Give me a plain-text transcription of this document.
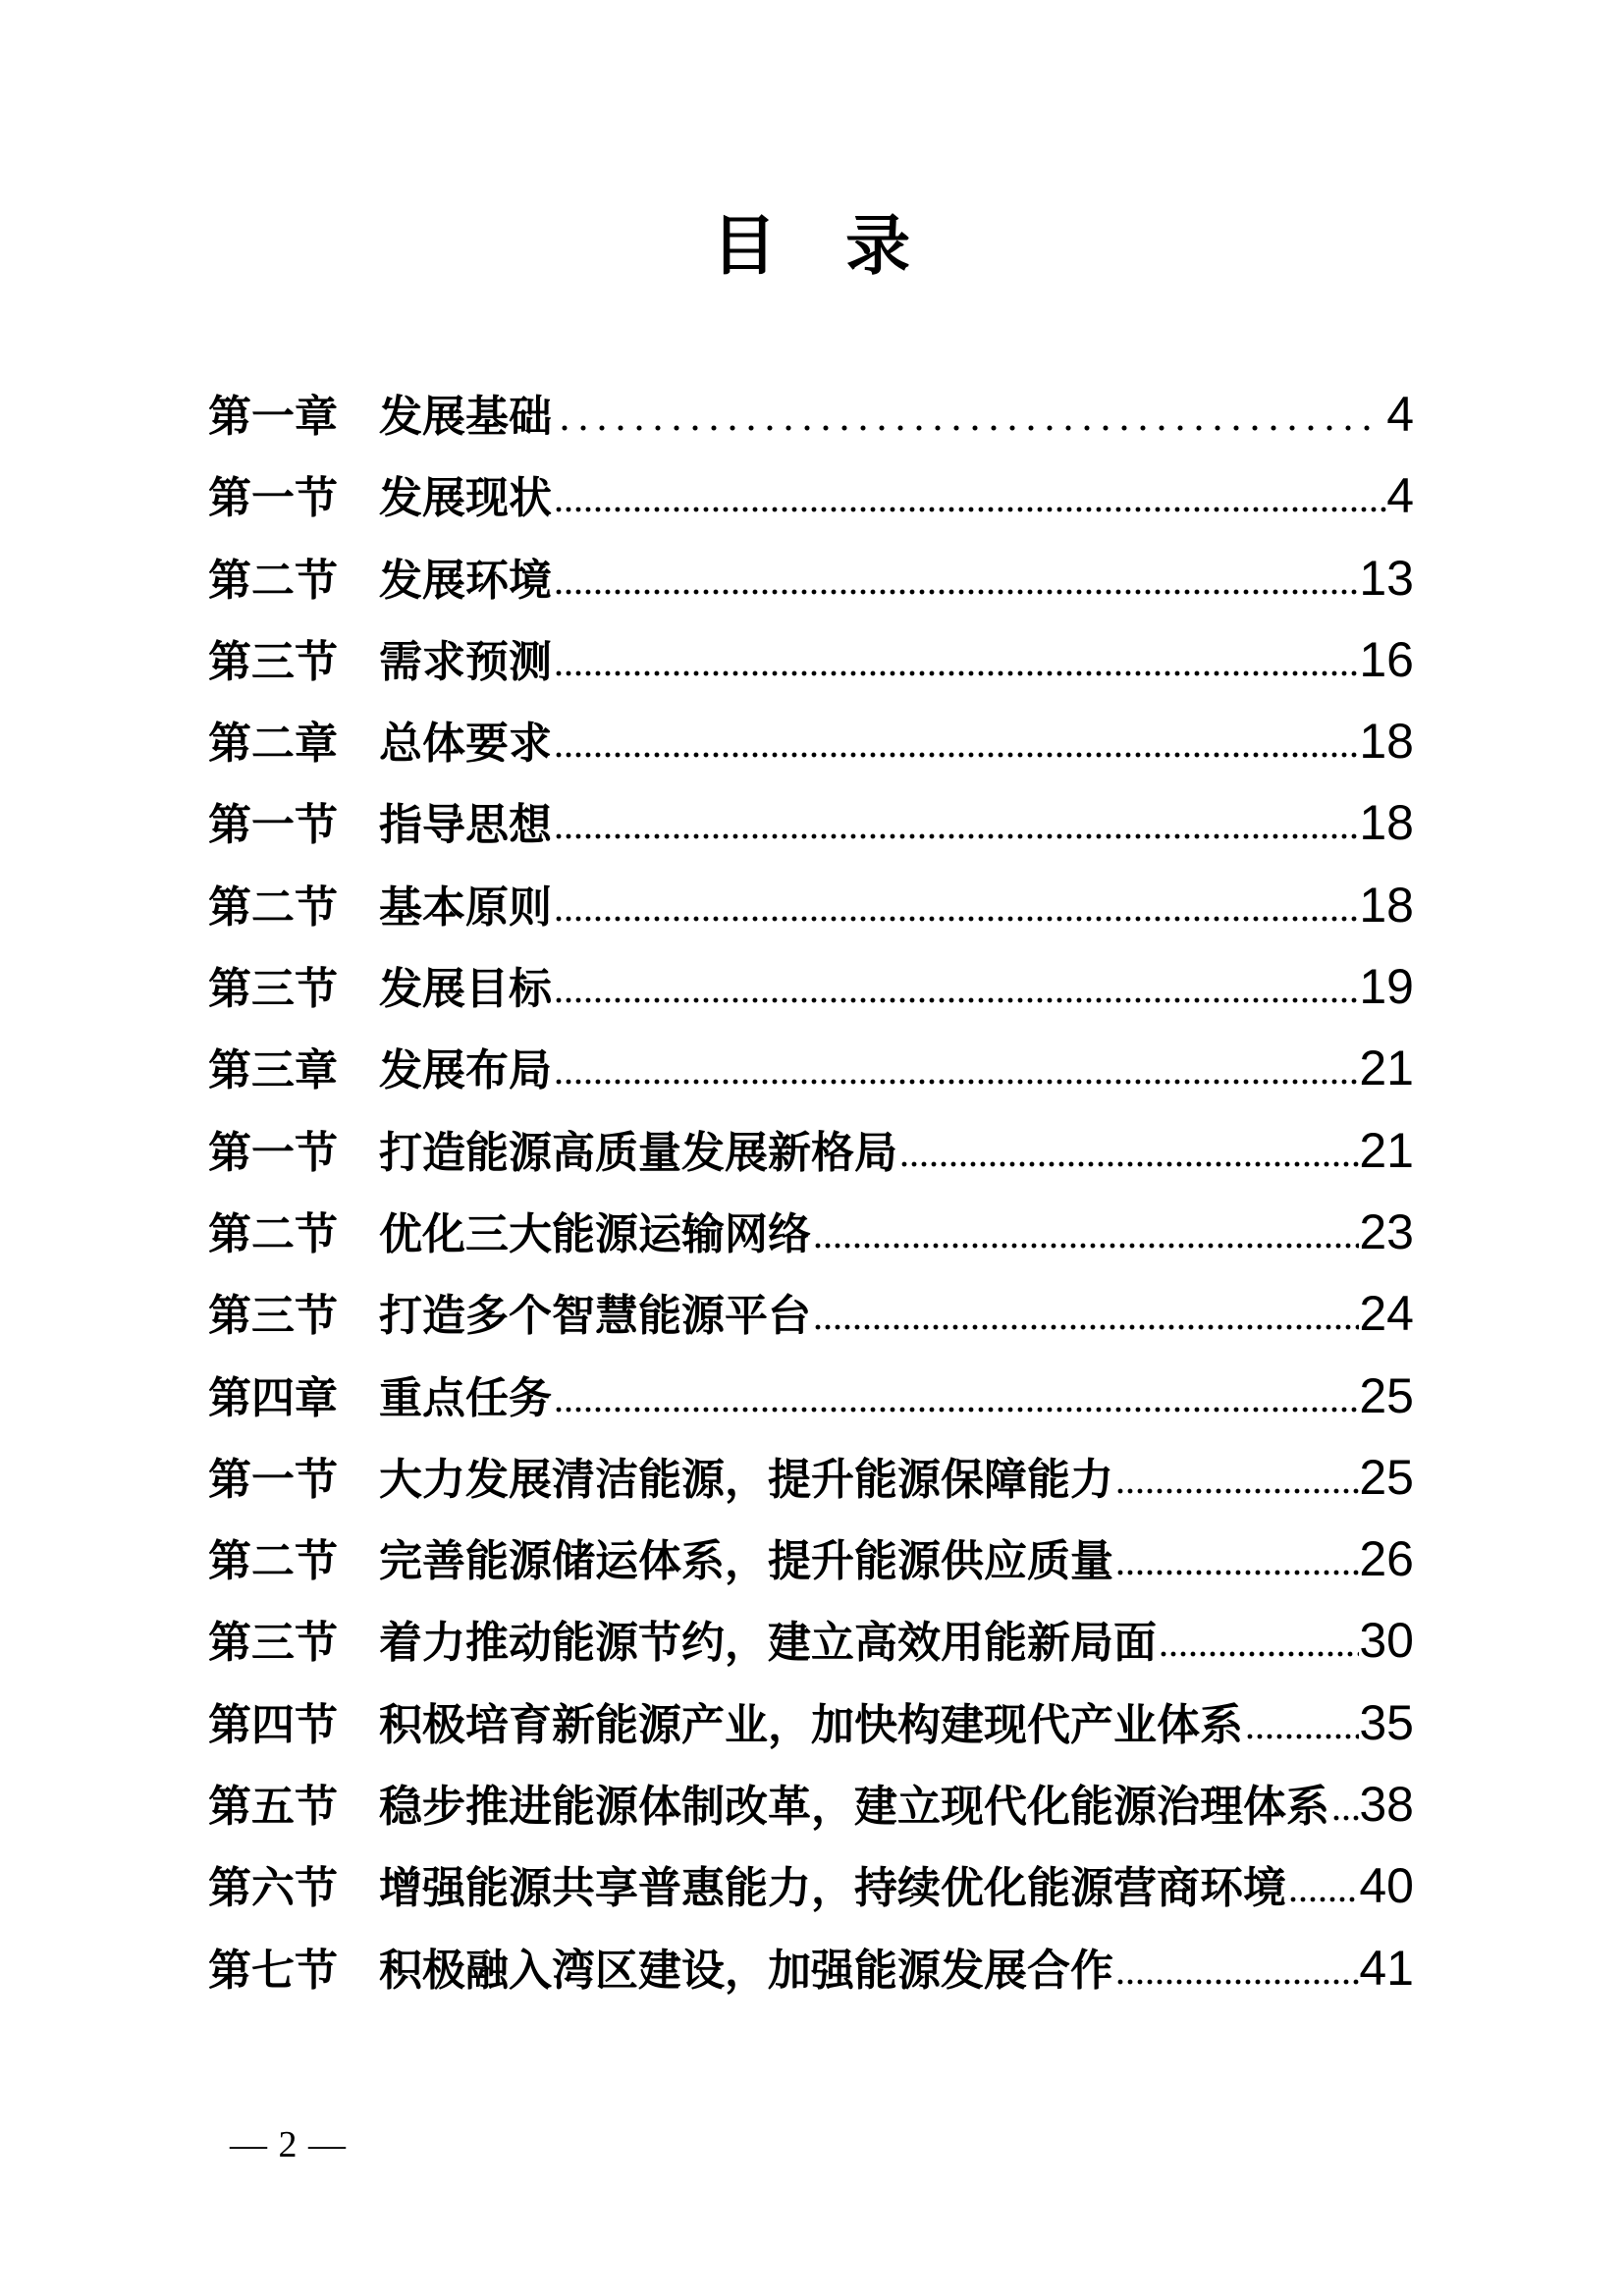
目 录
第一章 发展基础	4
第一节 发展现状	4
第二节 发展环境	13
第三节 需求预测	16
第二章 总体要求	18
第一节 指导思想	18
第二节 基本原则	18
第三节 发展目标	19
第三章 发展布局	21
第一节 打造能源高质量发展新格局	21
第二节 优化三大能源运输网络	23
第三节 打造多个智慧能源平台	24
第四章 重点任务	25
第一节 大力发展清洁能源，提升能源保障能力	25
第二节 完善能源储运体系，提升能源供应质量	26
第三节 着力推动能源节约，建立高效用能新局面	30
第四节 积极培育新能源产业，加快构建现代产业体系 35
第五节 稳步推进能源体制改革，建立现代化能源治理体系 38
第六节 增强能源共享普惠能力，持续优化能源营商环境 40
第七节 积极融入湾区建设，加强能源发展合作	41
— 2 —
